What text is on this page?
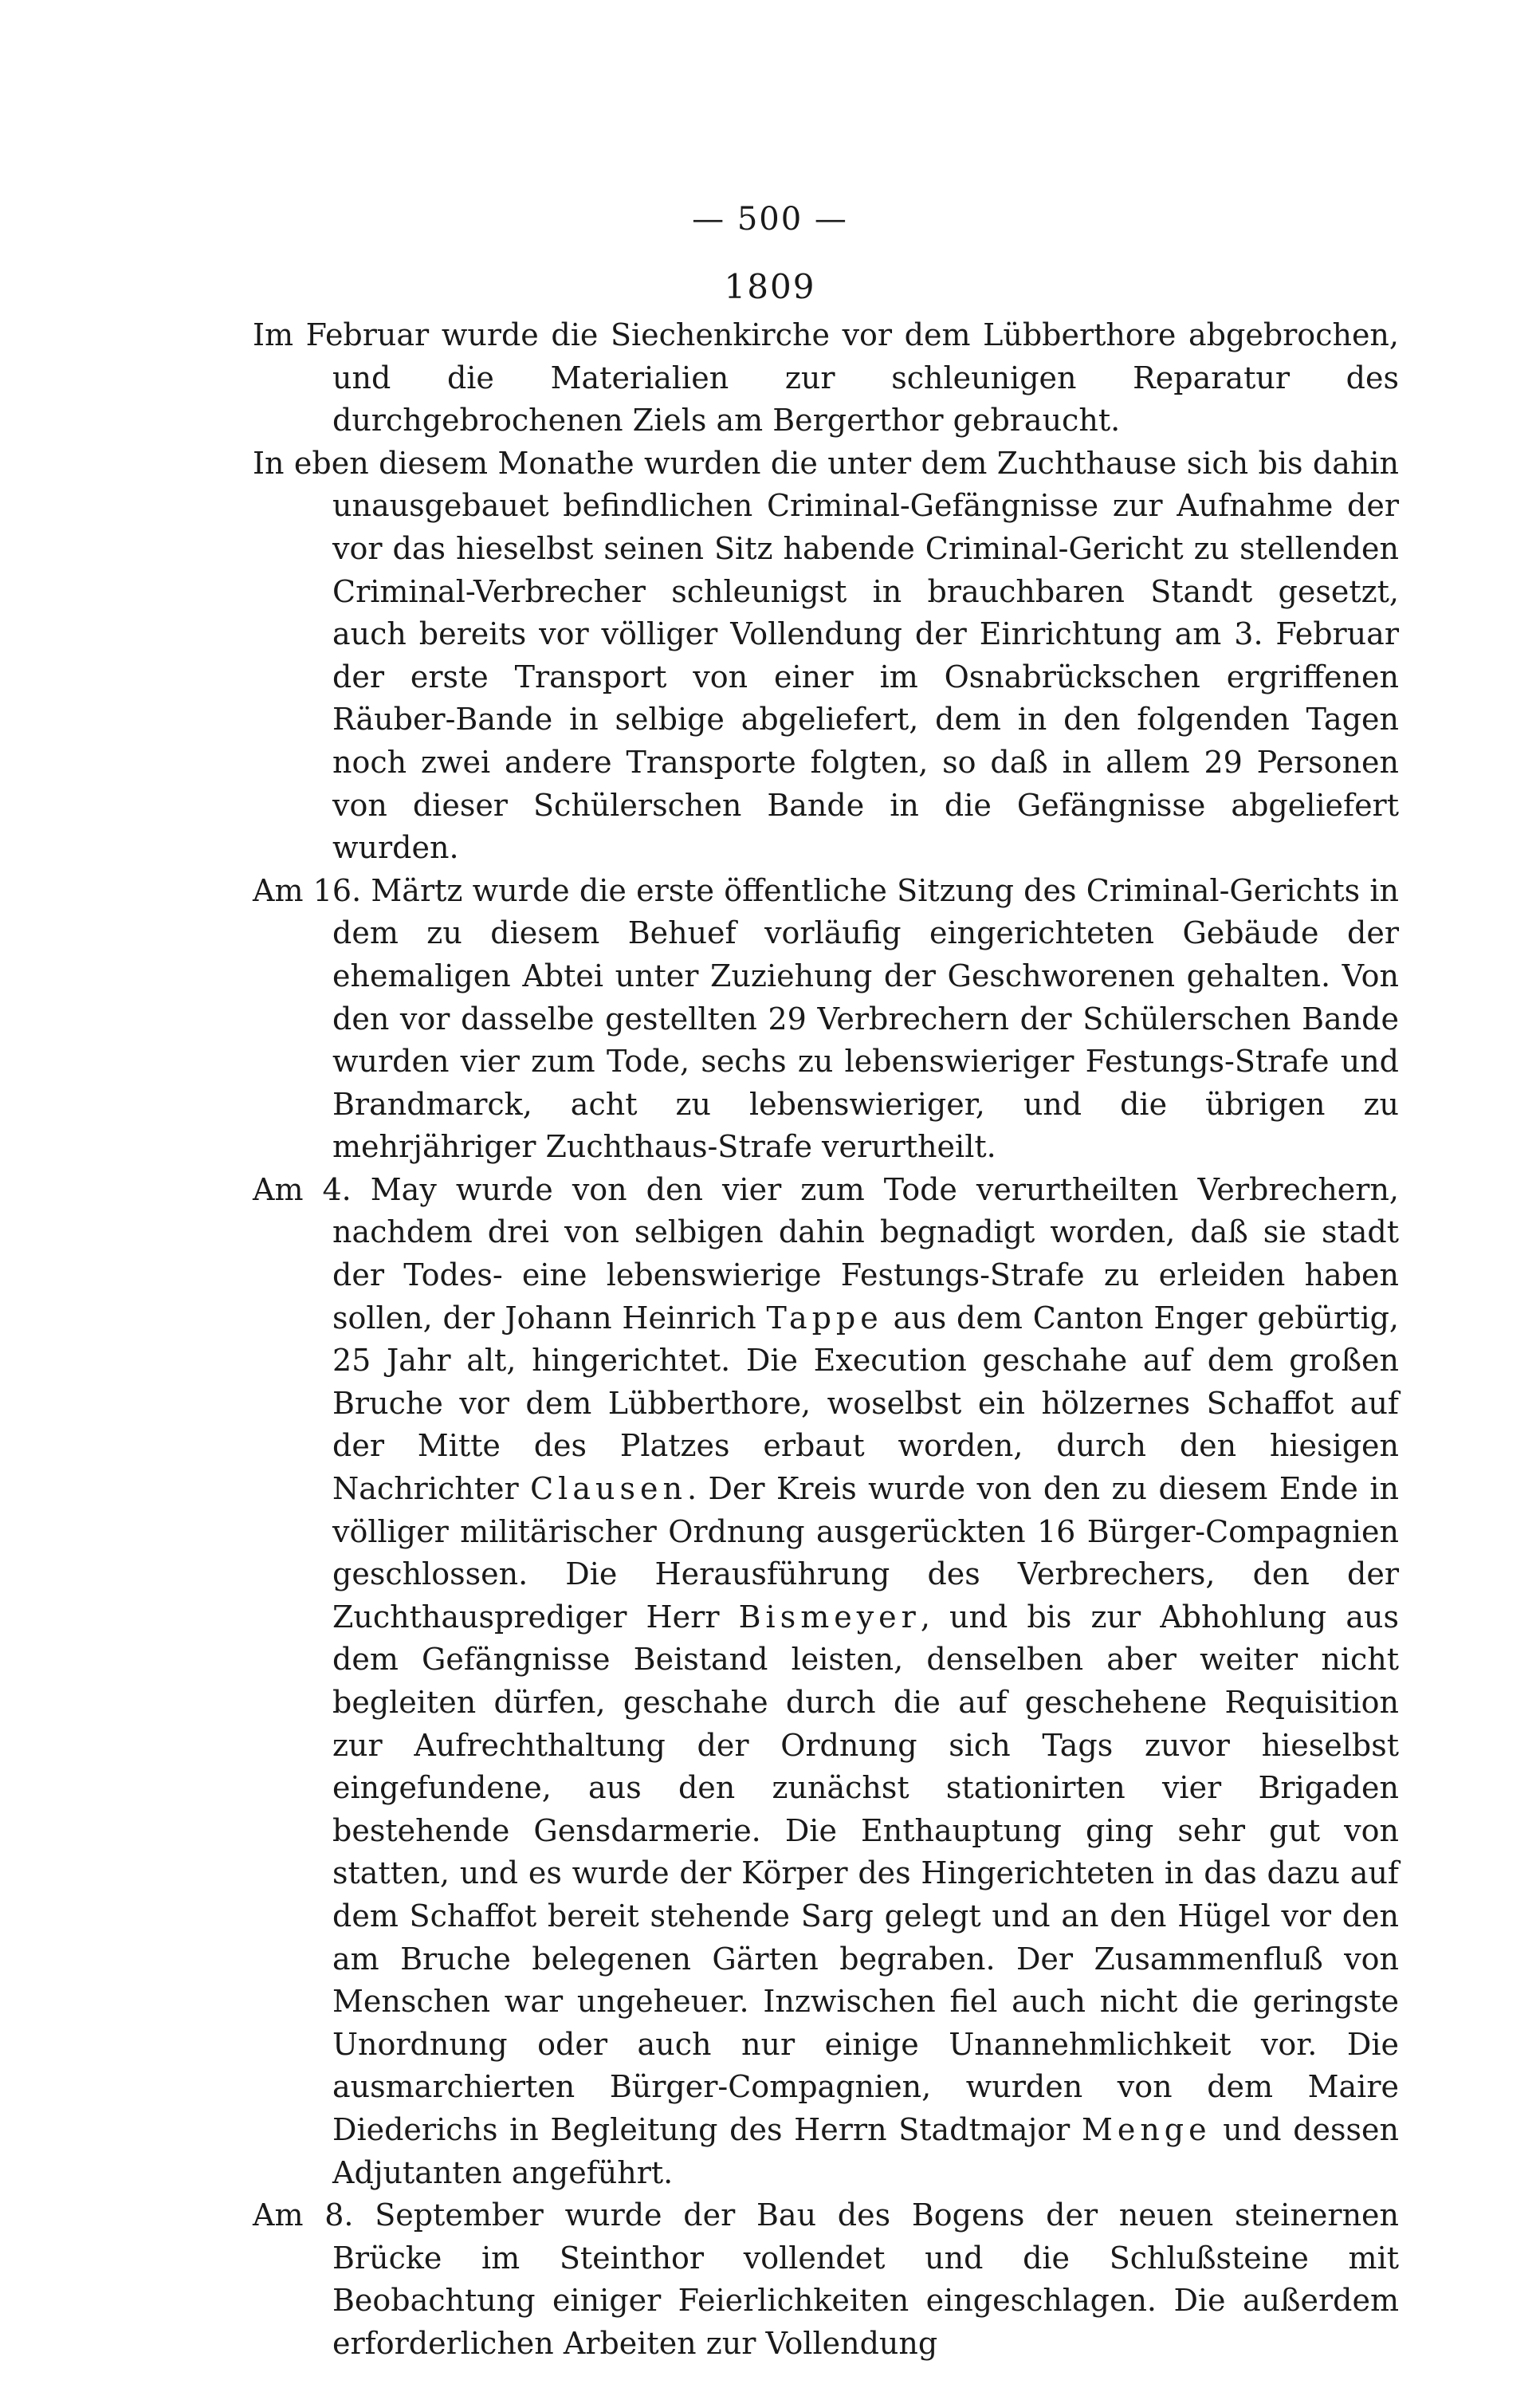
— 500 —
1809

Im Februar wurde die Siechenkirche vor dem Lübberthore abgebrochen, und die Materialien zur schleunigen Reparatur des durchgebrochenen Ziels am Bergerthor gebraucht.

In eben diesem Monathe wurden die unter dem Zuchthause sich bis dahin unausgebauet befindlichen Criminal-Gefängnisse zur Aufnahme der vor das hieselbst seinen Sitz habende Criminal-Gericht zu stellenden Criminal-Verbrecher schleunigst in brauchbaren Standt gesetzt, auch bereits vor völliger Vollendung der Einrichtung am 3. Februar der erste Transport von einer im Osnabrückschen ergriffenen Räuber-Bande in selbige abgeliefert, dem in den folgenden Tagen noch zwei andere Transporte folgten, so daß in allem 29 Personen von dieser Schülerschen Bande in die Gefängnisse abgeliefert wurden.

Am 16. Märtz wurde die erste öffentliche Sitzung des Criminal-Gerichts in dem zu diesem Behuef vorläufig eingerichteten Gebäude der ehemaligen Abtei unter Zuziehung der Geschworenen gehalten. Von den vor dasselbe gestellten 29 Verbrechern der Schülerschen Bande wurden vier zum Tode, sechs zu lebenswieriger Festungs-Strafe und Brandmarck, acht zu lebenswieriger, und die übrigen zu mehrjähriger Zuchthaus-Strafe verurtheilt.

Am 4. May wurde von den vier zum Tode verurtheilten Verbrechern, nachdem drei von selbigen dahin begnadigt worden, daß sie stadt der Todes- eine lebenswierige Festungs-Strafe zu erleiden haben sollen, der Johann Heinrich Tappe aus dem Canton Enger gebürtig, 25 Jahr alt, hingerichtet. Die Execution geschahe auf dem großen Bruche vor dem Lübberthore, woselbst ein hölzernes Schaffot auf der Mitte des Platzes erbaut worden, durch den hiesigen Nachrichter Clausen. Der Kreis wurde von den zu diesem Ende in völliger militärischer Ordnung ausgerückten 16 Bürger-Compagnien geschlossen. Die Herausführung des Verbrechers, den der Zuchthausprediger Herr Bismeyer, und bis zur Abhohlung aus dem Gefängnisse Beistand leisten, denselben aber weiter nicht begleiten dürfen, geschahe durch die auf geschehene Requisition zur Aufrechthaltung der Ordnung sich Tags zuvor hieselbst eingefundene, aus den zunächst stationirten vier Brigaden bestehende Gensdarmerie. Die Enthauptung ging sehr gut von statten, und es wurde der Körper des Hingerichteten in das dazu auf dem Schaffot bereit stehende Sarg gelegt und an den Hügel vor den am Bruche belegenen Gärten begraben. Der Zusammenfluß von Menschen war ungeheuer. Inzwischen fiel auch nicht die geringste Unordnung oder auch nur einige Unannehmlichkeit vor. Die ausmarchierten Bürger-Compagnien, wurden von dem Maire Diederichs in Begleitung des Herrn Stadtmajor Menge und dessen Adjutanten angeführt.

Am 8. September wurde der Bau des Bogens der neuen steinernen Brücke im Steinthor vollendet und die Schlußsteine mit Beobachtung einiger Feierlichkeiten eingeschlagen. Die außerdem erforderlichen Arbeiten zur Vollendung
